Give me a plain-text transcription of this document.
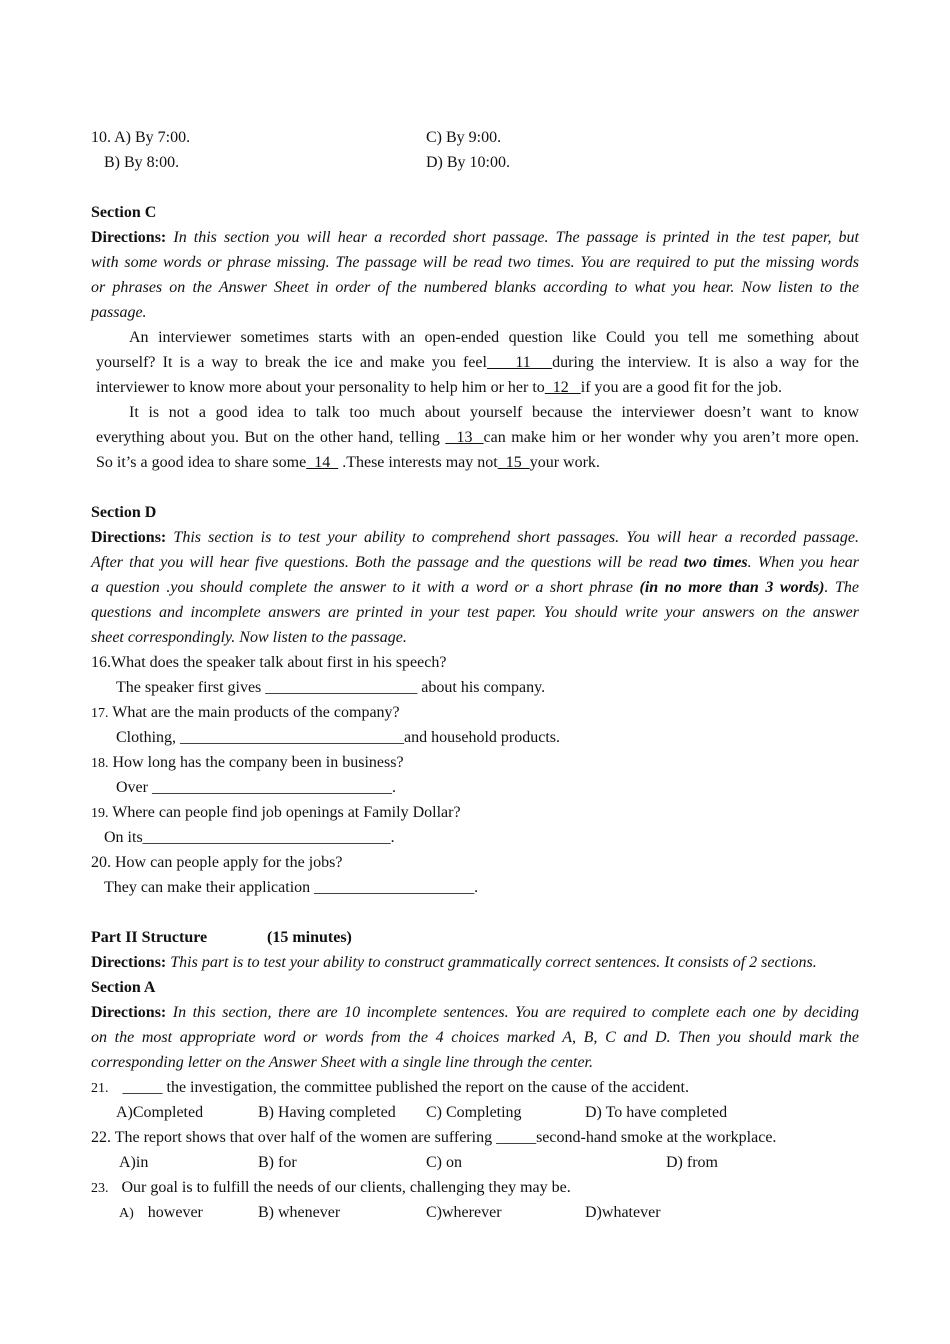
10. A) By 7:00.	C) By 9:00.
B) By 8:00.	D) By 10:00.
Section C
Directions: In this section you will hear a recorded short passage. The passage is printed in the test paper, but
with some words or phrase missing. The passage will be read two times. You are required to put the missing words
or phrases on the Answer Sheet in order of the numbered blanks according to what you hear. Now listen to the
passage.
An interviewer sometimes starts with an open-ended question like Could you tell me something about
yourself? It is a way to break the ice and make you feel    11   during the interview. It is also a way for the
interviewer to know more about your personality to help him or her to  12   if you are a good fit for the job.
It is not a good idea to talk too much about yourself because the interviewer doesn’t want to know
everything about you. But on the other hand, telling   13  can make him or her wonder why you aren’t more open.
So it’s a good idea to share some  14   .These interests may not  15  your work.
Section D
Directions: This section is to test your ability to comprehend short passages. You will hear a recorded passage.
After that you will hear five questions. Both the passage and the questions will be read two times. When you hear
a question .you should complete the answer to it with a word or a short phrase (in no more than 3 words). The
questions and incomplete answers are printed in your test paper. You should write your answers on the answer
sheet correspondingly. Now listen to the passage.
16.What does the speaker talk about first in his speech?
The speaker first gives ___________________ about his company.
17. What are the main products of the company?
Clothing, ____________________________and household products.
18. How long has the company been in business?
Over ______________________________.
19. Where can people find job openings at Family Dollar?
On its_______________________________.
20. How can people apply for the jobs?
They can make their application ____________________.
Part II Structure	(15 minutes)
Directions: This part is to test your ability to construct grammatically correct sentences. It consists of 2 sections.
Section A
Directions: In this section, there are 10 incomplete sentences. You are required to complete each one by deciding
on the most appropriate word or words from the 4 choices marked A, B, C and D. Then you should mark the
corresponding letter on the Answer Sheet with a single line through the center.
21. _____ the investigation, the committee published the report on the cause of the accident.
A)Completed	B) Having completed C) Completing	D) To have completed
22. The report shows that over half of the women are suffering _____second-hand smoke at the workplace.
A)in	B) for	C) on	D) from
23. Our goal is to fulfill the needs of our clients, challenging they may be.
A) however	B) whenever	C)wherever	D)whatever
